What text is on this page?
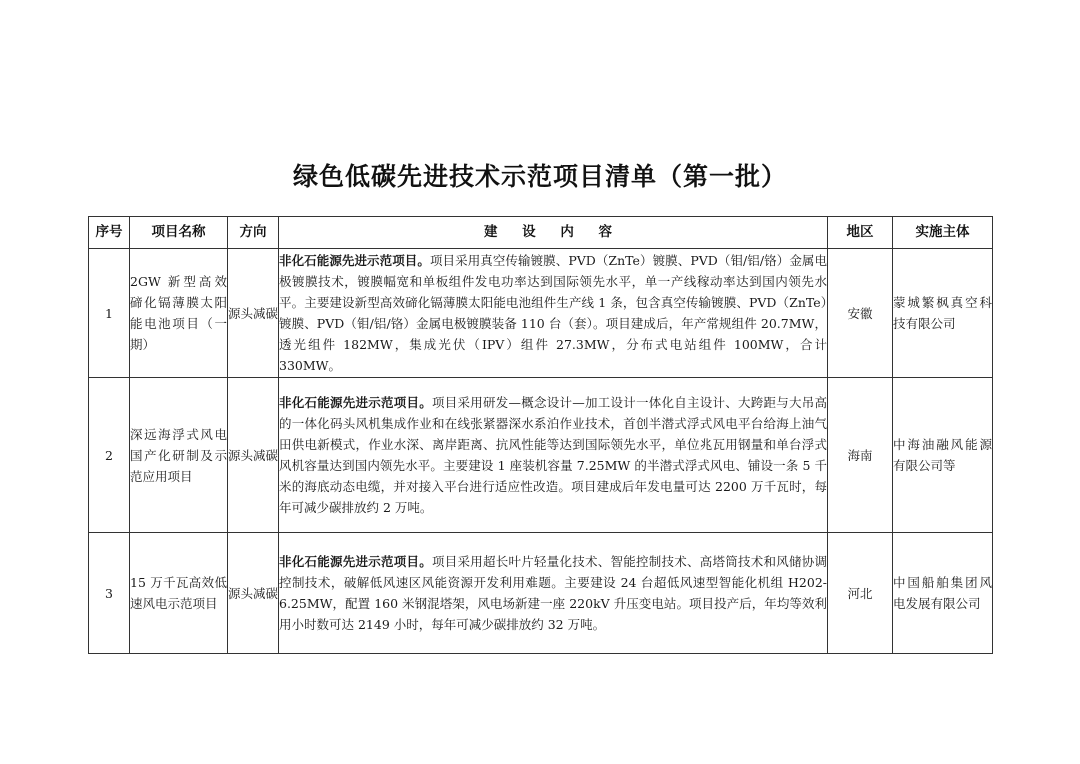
绿色低碳先进技术示范项目清单（第一批）
序号	项目名称	方向	建 设 内 容	地区	实施主体
1	2GW 新型高效碲化镉薄膜太阳能电池项目（一期）	源头减碳	非化石能源先进示范项目。项目采用真空传输镀膜、PVD（ZnTe）镀膜、PVD（钼/铝/铬）金属电极镀膜技术，镀膜幅宽和单板组件发电功率达到国际领先水平，单一产线稼动率达到国内领先水平。主要建设新型高效碲化镉薄膜太阳能电池组件生产线 1 条，包含真空传输镀膜、PVD（ZnTe）镀膜、PVD（钼/铝/铬）金属电极镀膜装备 110 台（套）。项目建成后，年产常规组件 20.7MW，透光组件 182MW，集成光伏（IPV）组件 27.3MW，分布式电站组件 100MW，合计 330MW。	安徽	蒙城繁枫真空科技有限公司
2	深远海浮式风电国产化研制及示范应用项目	源头减碳	非化石能源先进示范项目。项目采用研发—概念设计—加工设计一体化自主设计、大跨距与大吊高的一体化码头风机集成作业和在线张紧器深水系泊作业技术，首创半潜式浮式风电平台给海上油气田供电新模式，作业水深、离岸距离、抗风性能等达到国际领先水平，单位兆瓦用钢量和单台浮式风机容量达到国内领先水平。主要建设 1 座装机容量 7.25MW 的半潜式浮式风电、铺设一条 5 千米的海底动态电缆，并对接入平台进行适应性改造。项目建成后年发电量可达 2200 万千瓦时，每年可减少碳排放约 2 万吨。	海南	中海油融风能源有限公司等
3	15 万千瓦高效低速风电示范项目	源头减碳	非化石能源先进示范项目。项目采用超长叶片轻量化技术、智能控制技术、高塔筒技术和风储协调控制技术，破解低风速区风能资源开发利用难题。主要建设 24 台超低风速型智能化机组 H202-6.25MW，配置 160 米钢混塔架，风电场新建一座 220kV 升压变电站。项目投产后，年均等效利用小时数可达 2149 小时，每年可减少碳排放约 32 万吨。	河北	中国船舶集团风电发展有限公司
